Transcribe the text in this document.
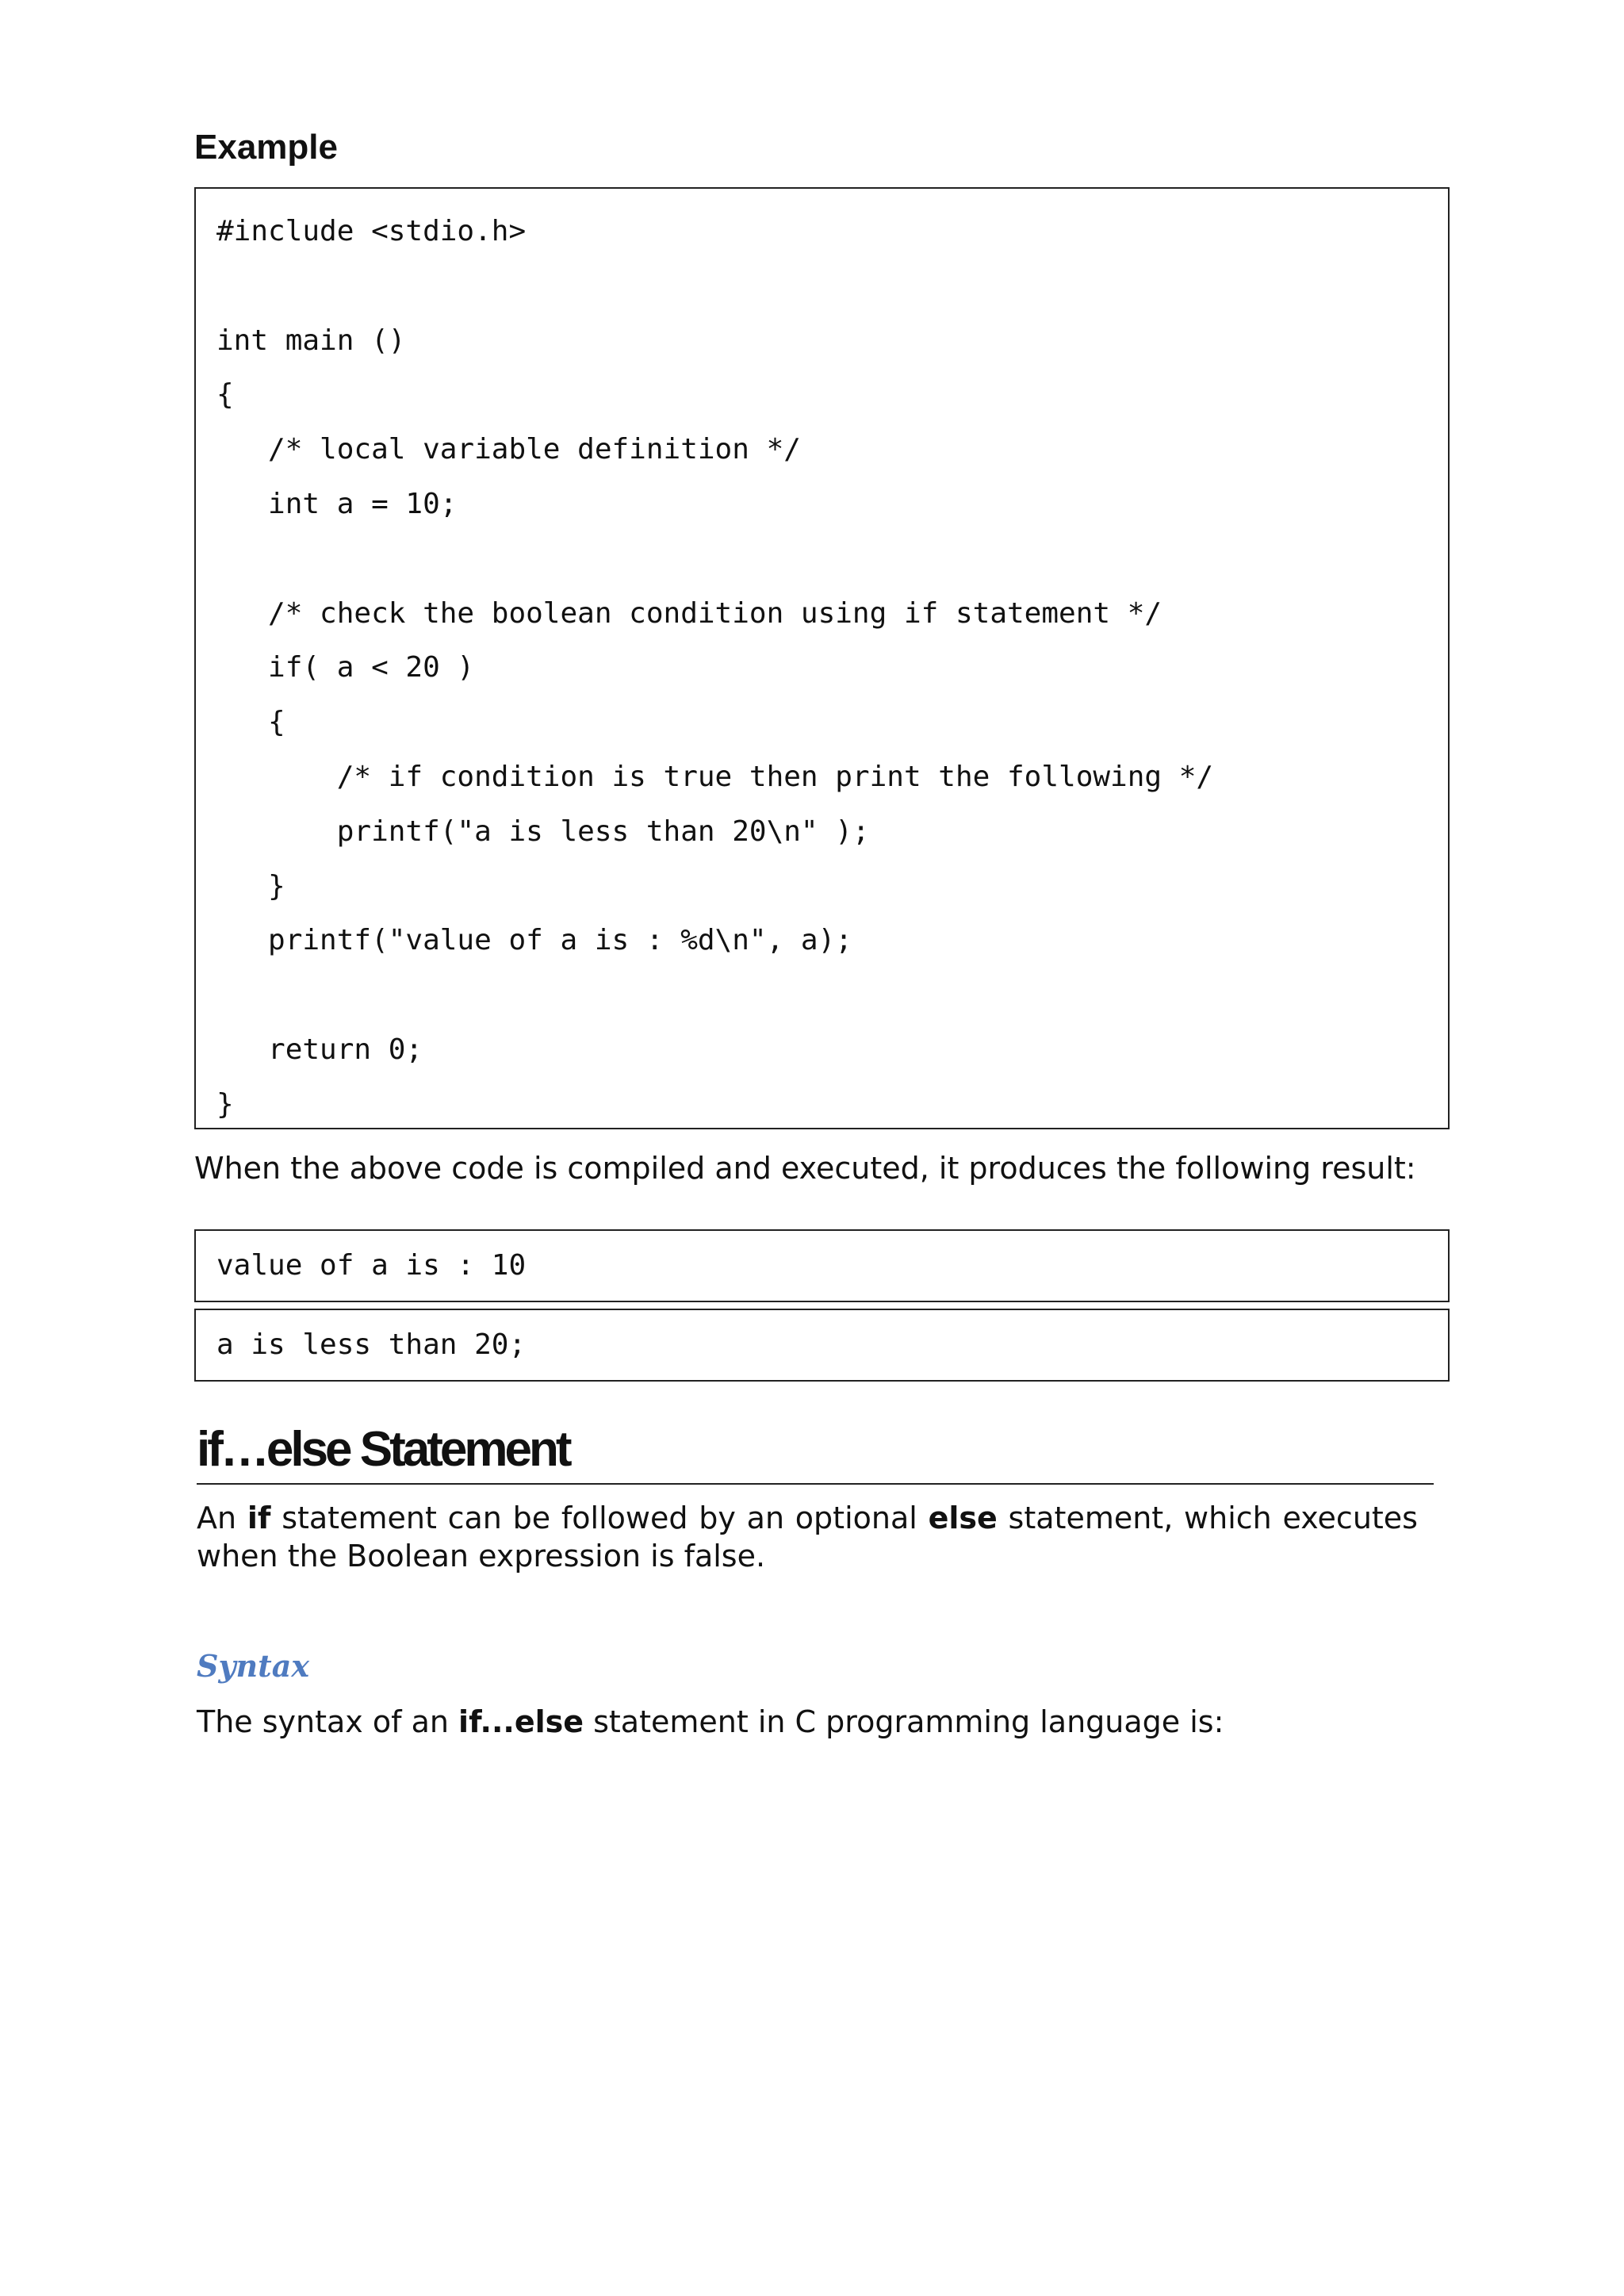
Example
#include <stdio.h>
int main ()
{
/* local variable definition */
int a = 10;
/* check the boolean condition using if statement */
if( a < 20 )
{
/* if condition is true then print the following */
printf("a is less than 20\n" );
}
printf("value of a is : %d\n", a);
return 0;
}

When the above code is compiled and executed, it produces the following result:

value of a is : 10
a is less than 20;
if…else Statement

An if statement can be followed by an optional else statement, which executes when the Boolean expression is false.

Syntax

The syntax of an if...else statement in C programming language is:
